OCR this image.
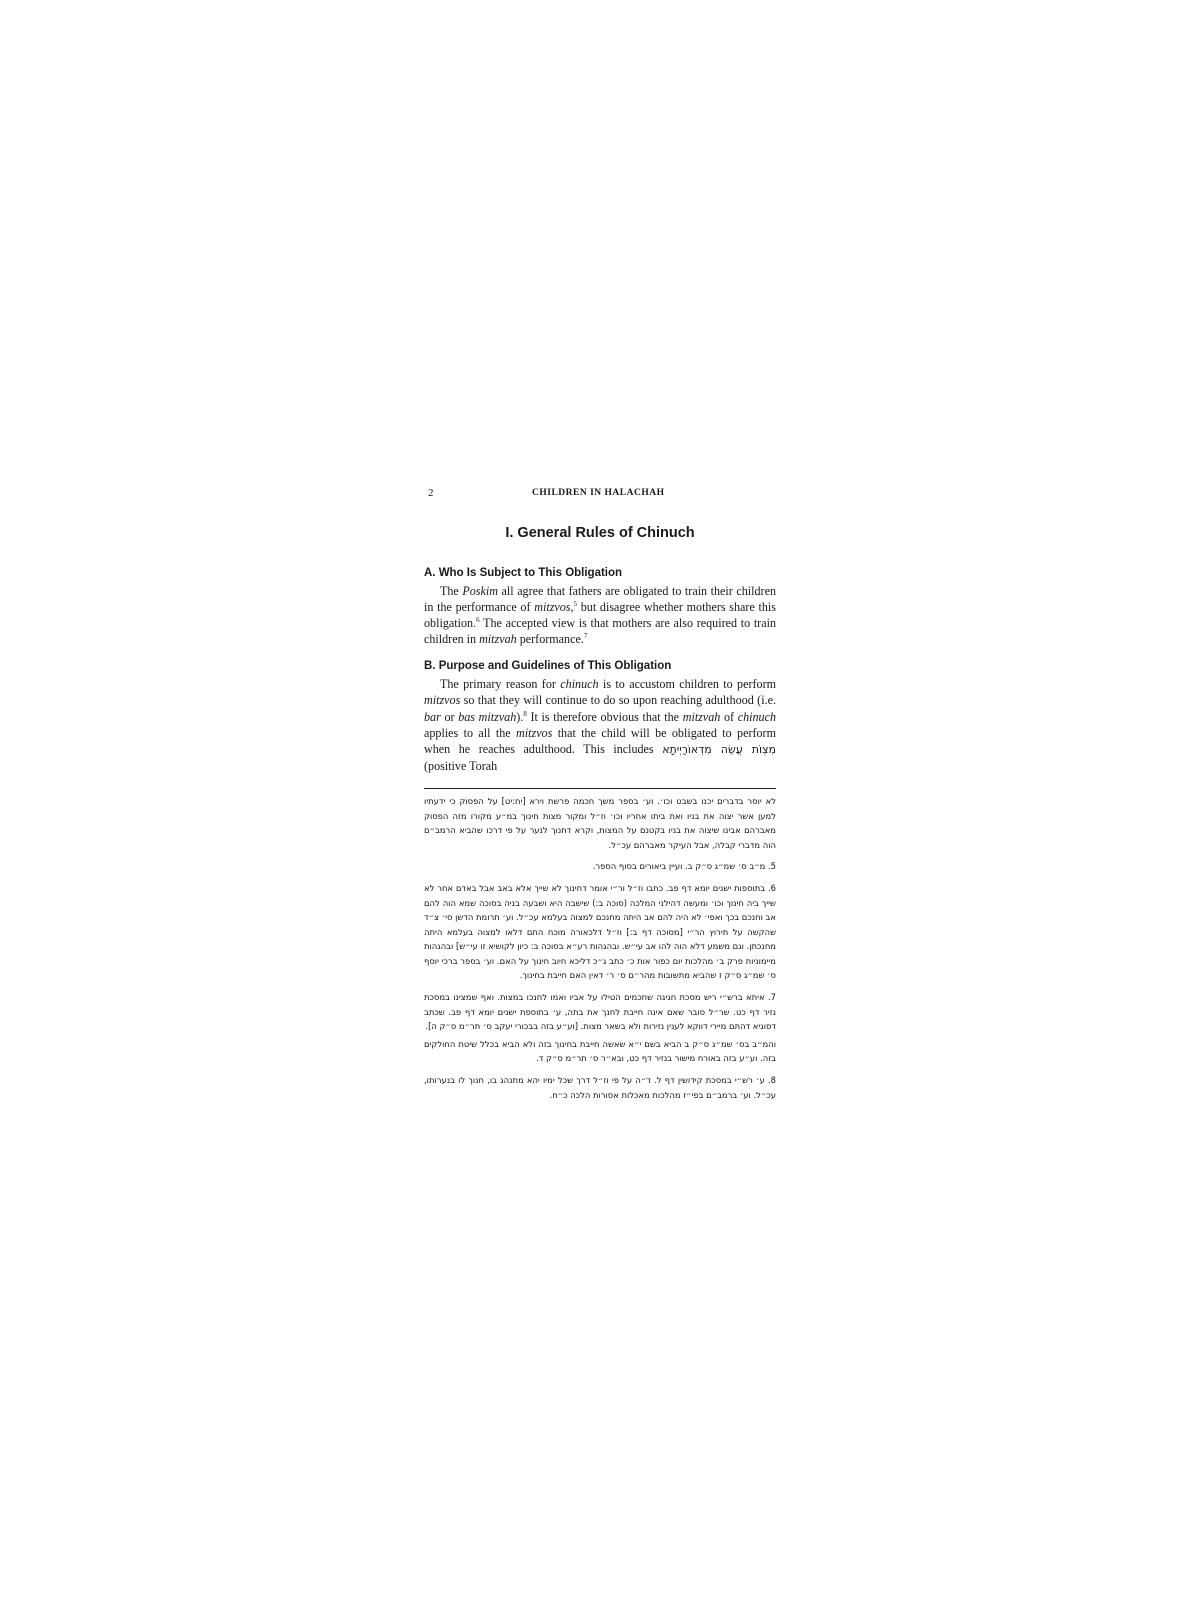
2	CHILDREN IN HALACHAH
I. General Rules of Chinuch
A. Who Is Subject to This Obligation

The Poskim all agree that fathers are obligated to train their children in the performance of mitzvos,$^5$ but disagree whether mothers share this obligation.$^6$ The accepted view is that mothers are also required to train children in mitzvah performance.$^7$

B. Purpose and Guidelines of This Obligation

The primary reason for chinuch is to accustom children to perform mitzvos so that they will continue to do so upon reaching adulthood (i.e. bar or bas mitzvah).$^8$ It is therefore obvious that the mitzvah of chinuch applies to all the mitzvos that the child will be obligated to perform when he reaches adulthood. This includes מִצְוֹת עֲשֵׂה מִדְאוֹרַיְיתָא (positive Torah

לא יוסר בדברים יכנו בשבט וכו׳. וע׳ בספר משך חכמה פרשת וירא [יח:יט] על הפסוק כי ידעתיו למען אשר יצוה את בניו ואת ביתו אחריו וכו׳ וז״ל ומקור מצות חינוך במ״ע מקורו מזה הפסוק מאברהם אבינו שיצוה את בניו בקטנם על המצות, וקרא דחנוך לנער על פי דרכו שהביא הרמב״ם הוה מדברי קבלה, אבל העיקר מאברהם עכ״ל.

5. מ״ב ס׳ שמ״ג ס״ק ב. ועיין ביאורים בסוף הספר.

6. בתוספות ישנים יומא דף פב. כתבו וז״ל ור״י אומר דחינוך לא שייך אלא באב אבל באדם אחר לא שייך ביה חינוך וכו׳ ומעשה דהילני המלכה (סוכה ב:) שישבה היא ושבעה בניה בסוכה שמא הוה להם אב וחנכם בכך ואפי׳ לא היה להם אב היתה מחנכם למצוה בעלמא עכ״ל. וע׳ תרומת הדשן סי׳ צ״ד שהקשה על תירוץ הר״י [מסוכה דף ב:] וז״ל דלכאורה מוכח התם דלאו למצוה בעלמא היתה מחנכתן. וגם משמע דלא הוה להו אב עי״ש. ובהגהות רע״א בסוכה ב: כיון לקושיא זו עי״ש] ובהגהות מיימוניות פרק ב׳ מהלכות יום כפור אות כ׳ כתב ג״כ דליכא חיוב חינוך על האם. וע׳ בספר ברכי יוסף ס׳ שמ״ג ס״ק ז שהביא מתשובות מהר״ם ס׳ ר׳ דאין האם חייבת בחינוך.

7. איתא ברש״י ריש מסכת חגיגה שחכמים הטילו על אביו ואמו לחנכו במצות. ואף שמצינו במסכת נזיר דף כט. שר״ל סובר שאם אינה חייבת לחנך את בתה, ע׳ בתוספת ישנים יומא דף פב. שכתב דסוגיא דהתם מיירי דווקא לענין נזירות ולא בשאר מצות. [וע״ע בזה בבכורי יעקב ס׳ תר״מ ס״ק ה].

והמ״ב בס׳ שמ״ג ס״ק ב הביא בשם י״א שאשה חייבת בחינוך בזה ולא הביא בכלל שיטת החולקים בזה. וע״ע בזה באורח מישור בנזיר דף כט, ובא״ר ס׳ תר״מ ס״ק ד.

8. ע׳ רש״י במסכת קידושין דף ל. ד״ה על פי וז״ל דרך שכל ימיו יהא מתנהג בו, חנוך לו בנערותו, עכ״ל. וע׳ ברמב״ם בפי״ז מהלכות מאכלות אסורות הלכה כ״ח.
